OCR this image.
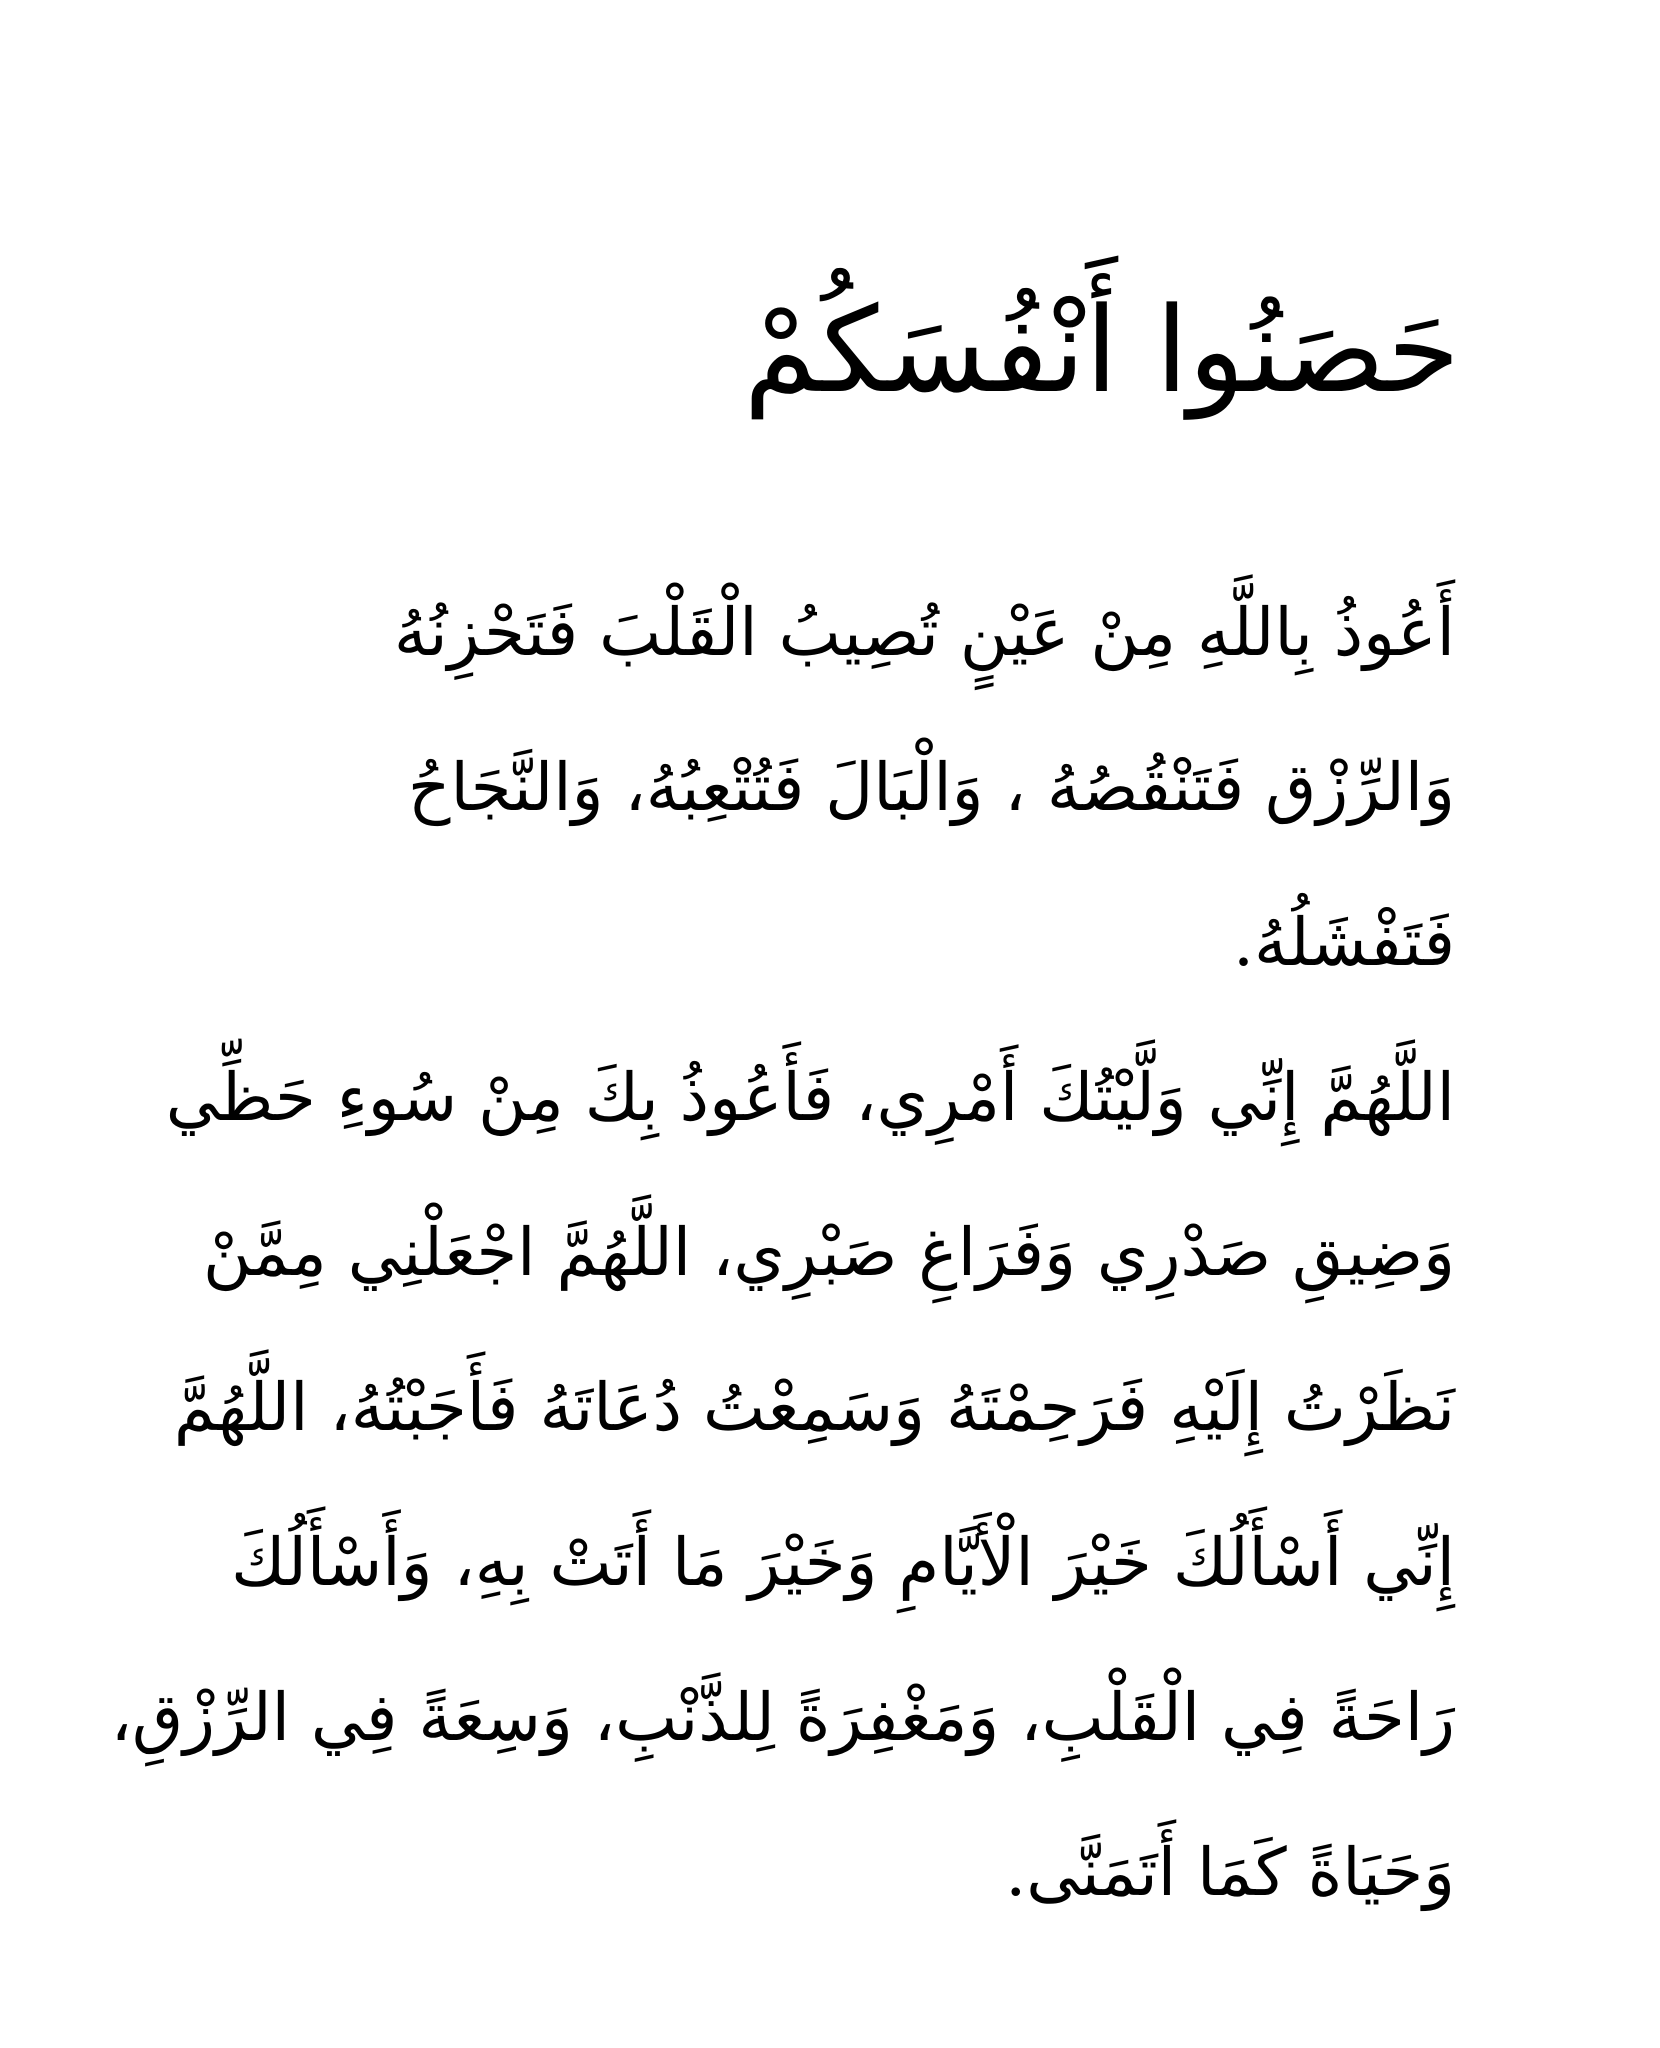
حَصَنُوا أَنْفُسَكُمْ
أَعُوذُ بِاللَّهِ مِنْ عَيْنٍ تُصِيبُ الْقَلْبَ فَتَحْزِنُهُ
وَالرِّزْق فَتَنْقُصُهُ ، وَالْبَالَ فَتُتْعِبُهُ، وَالنَّجَاحُ
فَتَفْشَلُهُ.
اللَّهُمَّ إِنِّي وَلَّيْتُكَ أَمْرِي، فَأَعُوذُ بِكَ مِنْ سُوءِ حَظِّي
وَضِيقِ صَدْرِي وَفَرَاغِ صَبْرِي، اللَّهُمَّ اجْعَلْنِي مِمَّنْ
نَظَرْتُ إِلَيْهِ فَرَحِمْتَهُ وَسَمِعْتُ دُعَاتَهُ فَأَجَبْتُهُ، اللَّهُمَّ
إِنِّي أَسْأَلُكَ خَيْرَ الْأَيَّامِ وَخَيْرَ مَا أَتَتْ بِهِ، وَأَسْأَلُكَ
رَاحَةً فِي الْقَلْبِ، وَمَغْفِرَةً لِلذَّنْبِ، وَسِعَةً فِي الرِّزْقِ،
وَحَيَاةً كَمَا أَتَمَنَّى.
